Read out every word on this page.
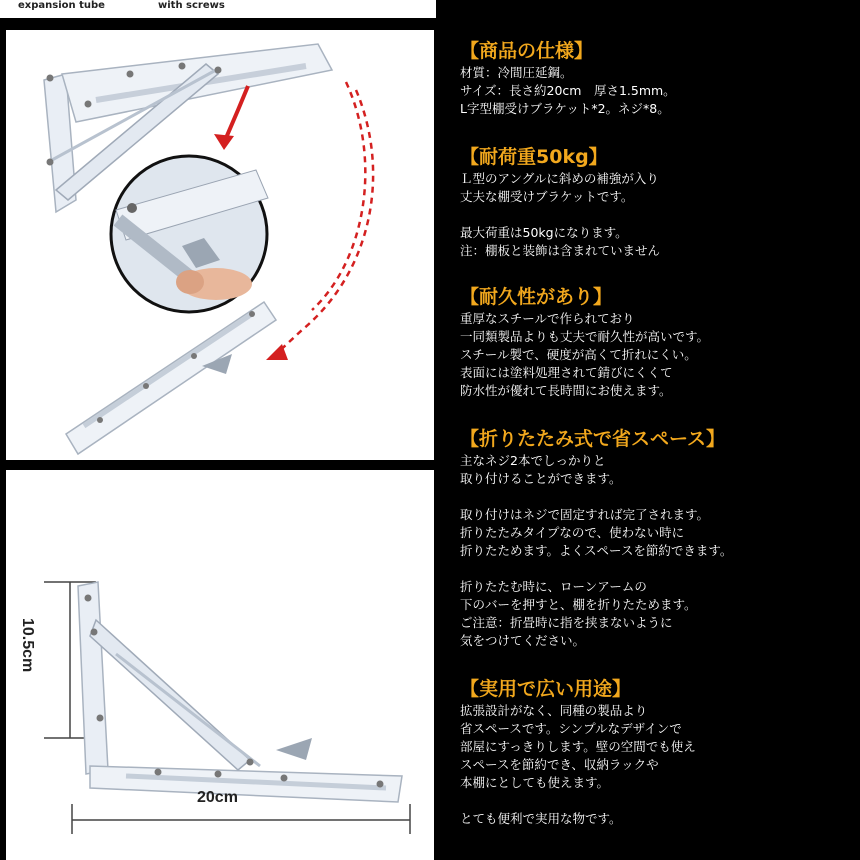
expansion tube	with screws
10.5cm
20cm
【商品の仕様】
材質：冷間圧延鋼。
サイズ：長さ約20cm　厚さ1.5mm。
L字型棚受けブラケット*2。ネジ*8。
【耐荷重50kg】
Ｌ型のアングルに斜めの補強が入り
丈夫な棚受けブラケットです。
最大荷重は50kgになります。
注：棚板と装飾は含まれていません
【耐久性があり】
重厚なスチールで作られており
一同類製品よりも丈夫で耐久性が高いです。
スチール製で、硬度が高くて折れにくい。
表面には塗料処理されて錆びにくくて
防水性が優れて長時間にお使えます。
【折りたたみ式で省スペース】
主なネジ2本でしっかりと
取り付けることができます。
取り付けはネジで固定すれば完了されます。
折りたたみタイプなので、使わない時に
折りたためます。よくスペースを節約できます。
折りたたむ時に、ローンアームの
下のバーを押すと、棚を折りたためます。
ご注意：折畳時に指を挟まないように
気をつけてください。
【実用で広い用途】
拡張設計がなく、同種の製品より
省スペースです。シンプルなデザインで
部屋にすっきりします。壁の空間でも使え
スペースを節約でき、収納ラックや
本棚にとしても使えます。
とても便利で実用な物です。
